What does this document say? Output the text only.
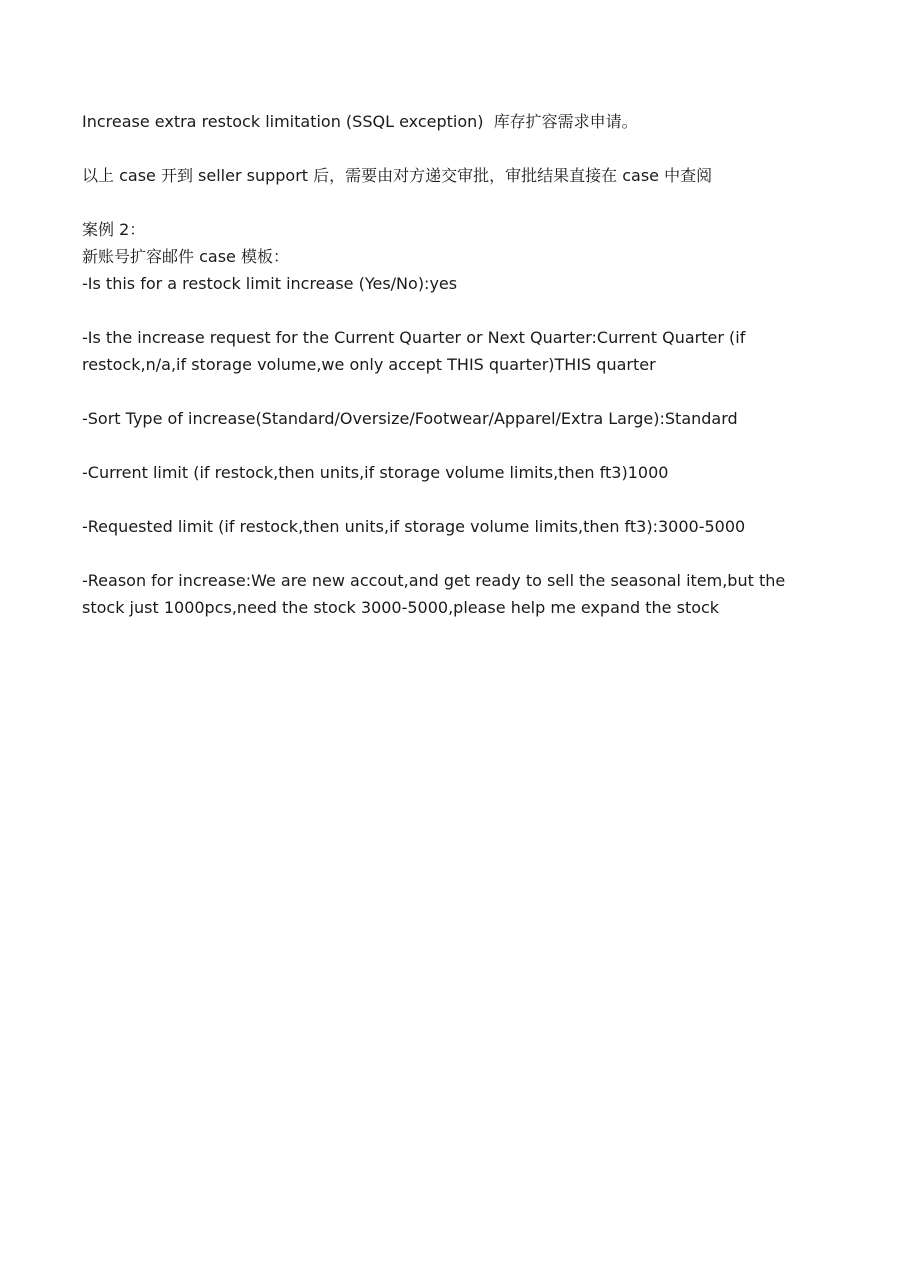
Increase extra restock limitation (SSQL exception)  库存扩容需求申请。

以上 case 开到 seller support 后，需要由对方递交审批，审批结果直接在 case 中查阅

案例 2：

新账号扩容邮件 case 模板：

-Is this for a restock limit increase (Yes/No):yes

-Is the increase request for the Current Quarter or Next Quarter:Current Quarter (if restock,n/a,if storage volume,we only accept THIS quarter)THIS quarter

-Sort Type of increase(Standard/Oversize/Footwear/Apparel/Extra Large):Standard

-Current limit (if restock,then units,if storage volume limits,then ft3)1000

-Requested limit (if restock,then units,if storage volume limits,then ft3):3000-5000

-Reason for increase:We are new accout,and get ready to sell the seasonal item,but the stock just 1000pcs,need the stock 3000-5000,please help me expand the stock
